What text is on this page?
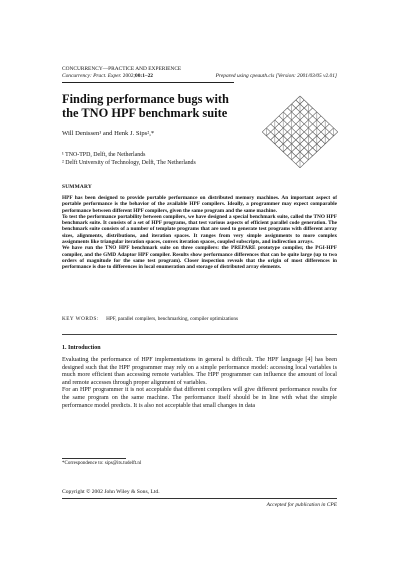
CONCURRENCY—PRACTICE AND EXPERIENCE
Concurrency: Pract. Exper. 2002;00:1–22	Prepared using cpeauth.cls [Version: 2001/03/05 v2.01]
Finding performance bugs with
the TNO HPF benchmark suite
Will Denissen¹ and Henk J. Sips²,*
¹ TNO-TPD, Delft, the Netherlands
² Delft University of Technology, Delft, The Netherlands
SUMMARY

HPF has been designed to provide portable performance on distributed memory machines. An important aspect of portable performance is the behavior of the available HPF compilers. Ideally, a programmer may expect comparable performance between different HPF compilers, given the same program and the same machine.

To test the performance portability between compilers, we have designed a special benchmark suite, called the TNO HPF benchmark suite. It consists of a set of HPF programs, that test various aspects of efficient parallel code generation. The benchmark suite consists of a number of template programs that are used to generate test programs with different array sizes, alignments, distributions, and iteration spaces. It ranges from very simple assignments to more complex assignments like triangular iteration spaces, convex iteration spaces, coupled subscripts, and indirection arrays.

We have run the TNO HPF benchmark suite on three compilers: the PREPARE prototype compiler, the PGI-HPF compiler, and the GMD Adaptor HPF compiler. Results show performance differences that can be quite large (up to two orders of magnitude for the same test program). Closer inspection reveals that the origin of most differences in performance is due to differences in local enumeration and storage of distributed array elements.

KEY WORDS: HPF, parallel compilers, benchmarking, compiler optimizations
1. Introduction

Evaluating the performance of HPF implementations in general is difficult. The HPF language [4] has been designed such that the HPF programmer may rely on a simple performance model: accessing local variables is much more efficient than accessing remote variables. The HPF programmer can influence the amount of local and remote accesses through proper alignment of variables.

For an HPF programmer it is not acceptable that different compilers will give different performance results for the same program on the same machine. The performance itself should be in line with what the simple performance model predicts. It is also not acceptable that small changes in data

*Correspondence to: sips@its.tudelft.nl
Copyright © 2002 John Wiley & Sons, Ltd.
Accepted for publication in CPE
